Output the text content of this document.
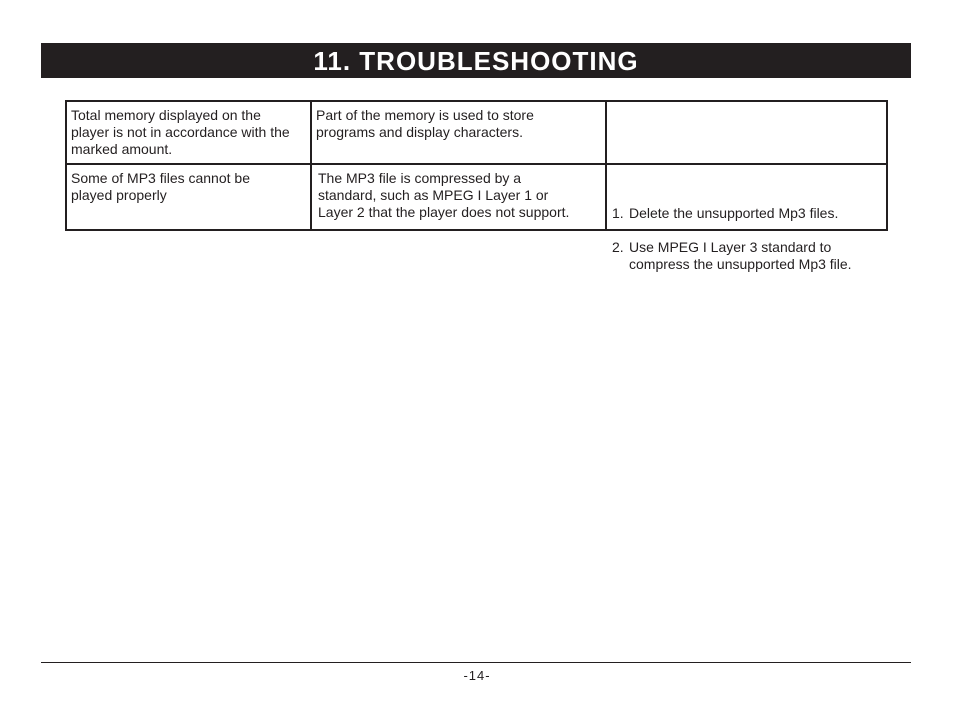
11. TROUBLESHOOTING
Total memory displayed on the
player is not in accordance with the
marked amount.
Part of the memory is used to store
programs and display characters.
Some of MP3 files cannot be
played properly
The MP3 file is compressed by a
standard, such as MPEG I Layer 1 or
Layer 2 that the player does not support.	1. Delete the unsupported Mp3 files.

2. Use MPEG I Layer 3 standard to
compress the unsupported Mp3 file.

-14-
